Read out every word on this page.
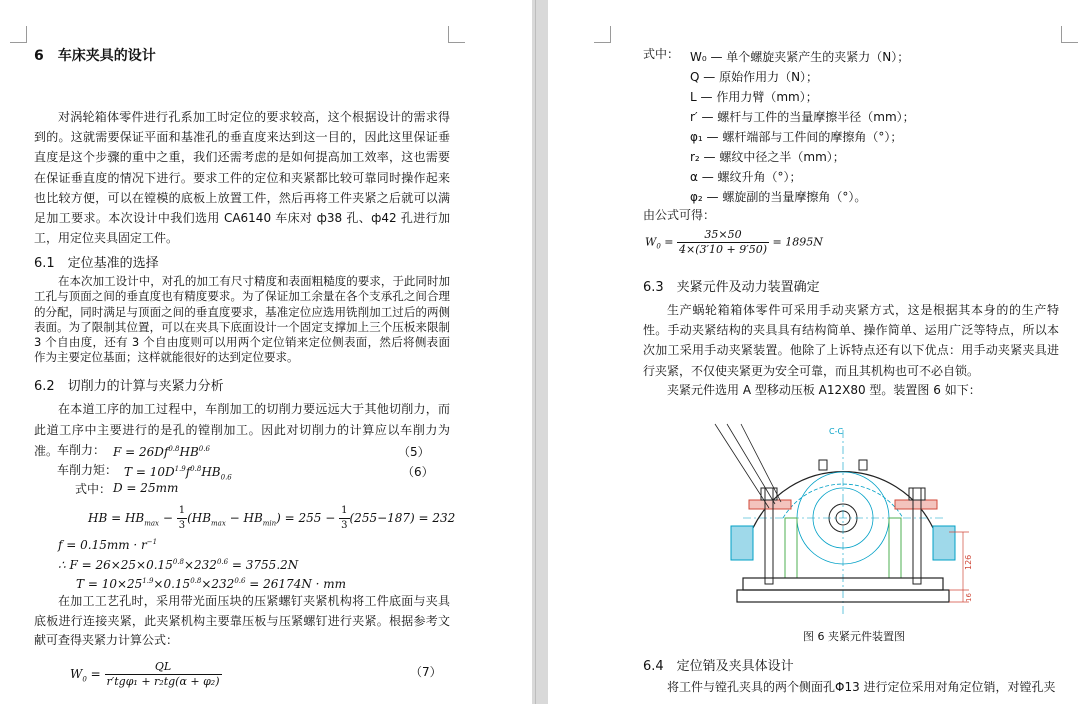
6　车床夹具的设计
对涡轮箱体零件进行孔系加工时定位的要求较高，这个根据设计的需求得到的。这就需要保证平面和基准孔的垂直度来达到这一目的，因此这里保证垂直度是这个步骤的重中之重，我们还需考虑的是如何提高加工效率，这也需要在保证垂直度的情况下进行。要求工件的定位和夹紧都比较可靠同时操作起来也比较方便，可以在镗模的底板上放置工件，然后再将工件夹紧之后就可以满足加工要求。本次设计中我们选用 CA6140 车床对 ф38 孔、ф42 孔进行加工，用定位夹具固定工件。
6.1　定位基准的选择
在本次加工设计中，对孔的加工有尺寸精度和表面粗糙度的要求，于此同时加工孔与顶面之间的垂直度也有精度要求。为了保证加工余量在各个支承孔之间合理的分配，同时满足与顶面之间的垂直度要求，基准定位应选用铣削加工过后的两侧表面。为了限制其位置，可以在夹具下底面设计一个固定支撑加上三个压板来限制 3 个自由度，还有 3 个自由度则可以用两个定位销来定位侧表面，然后将侧表面作为主要定位基面；这样就能很好的达到定位要求。
6.2　切削力的计算与夹紧力分析
在本道工序的加工过程中，车削加工的切削力要远远大于其他切削力，而此道工序中主要进行的是孔的镗削加工。因此对切削力的计算应以车削力为准。
车削力： $F = 26Df^{0.8}HB^{0.6}$	（5）
车削力矩： $T = 10D^{1.9}f^{0.8}HB_{0.6}$	（6）
式中： D = 25mm
HB = $HB_{max} - \frac{1}{3} (HB_{max} - HB_{min}) = 255 - \frac{1}{3} (255-187) = 232$
$f = 0.15mm \cdot r^{-1}$
∴ $F = 26\times 25\times 0.15^{0.8}\times 232^{0.6} = 3755.2N$
$T = 10\times 25^{1.9}\times 0.15^{0.8}\times 232^{0.6} = 26174N$ · mm
在加工工艺孔时，采用带光面压块的压紧螺钉夹紧机构将工件底面与夹具底板进行连接夹紧，此夹紧机构主要靠压板与压紧螺钉进行夹紧。根据参考文献可查得夹紧力计算公式：
$W_0$ =
QL
r′tgφ₁ + r₂tg(α + φ₂)
（7）
式中： W₀ — 单个螺旋夹紧产生的夹紧力（N）；
Q — 原始作用力（N）；
L — 作用力臂（mm）；
r′ — 螺杆与工件的当量摩擦半径（mm）；
φ₁ — 螺杆端部与工件间的摩擦角（°）；
r₂ — 螺纹中径之半（mm）；
α — 螺纹升角（°）；
φ₂ — 螺旋副的当量摩擦角（°）。
由公式可得：
$W_0 = \frac{35\times 50}{4\times(3'10 + 9'50)} = 1895N$
6.3　夹紧元件及动力装置确定
生产蜗轮箱箱体零件可采用手动夹紧方式，这是根据其本身的的生产特性。手动夹紧结构的夹具具有结构简单、操作简单、运用广泛等特点，所以本次加工采用手动夹紧装置。他除了上诉特点还有以下优点：用手动夹紧夹具进行夹紧，不仅使夹紧更为安全可靠，而且其机构也可不必自锁。
夹紧元件选用 A 型移动压板 A12X80 型。装置图 6 如下：
C-C
126
16
图 6 夹紧元件装置图
6.4　定位销及夹具体设计
将工件与镗孔夹具的两个侧面孔Φ13 进行定位采用对角定位销，对镗孔夹
